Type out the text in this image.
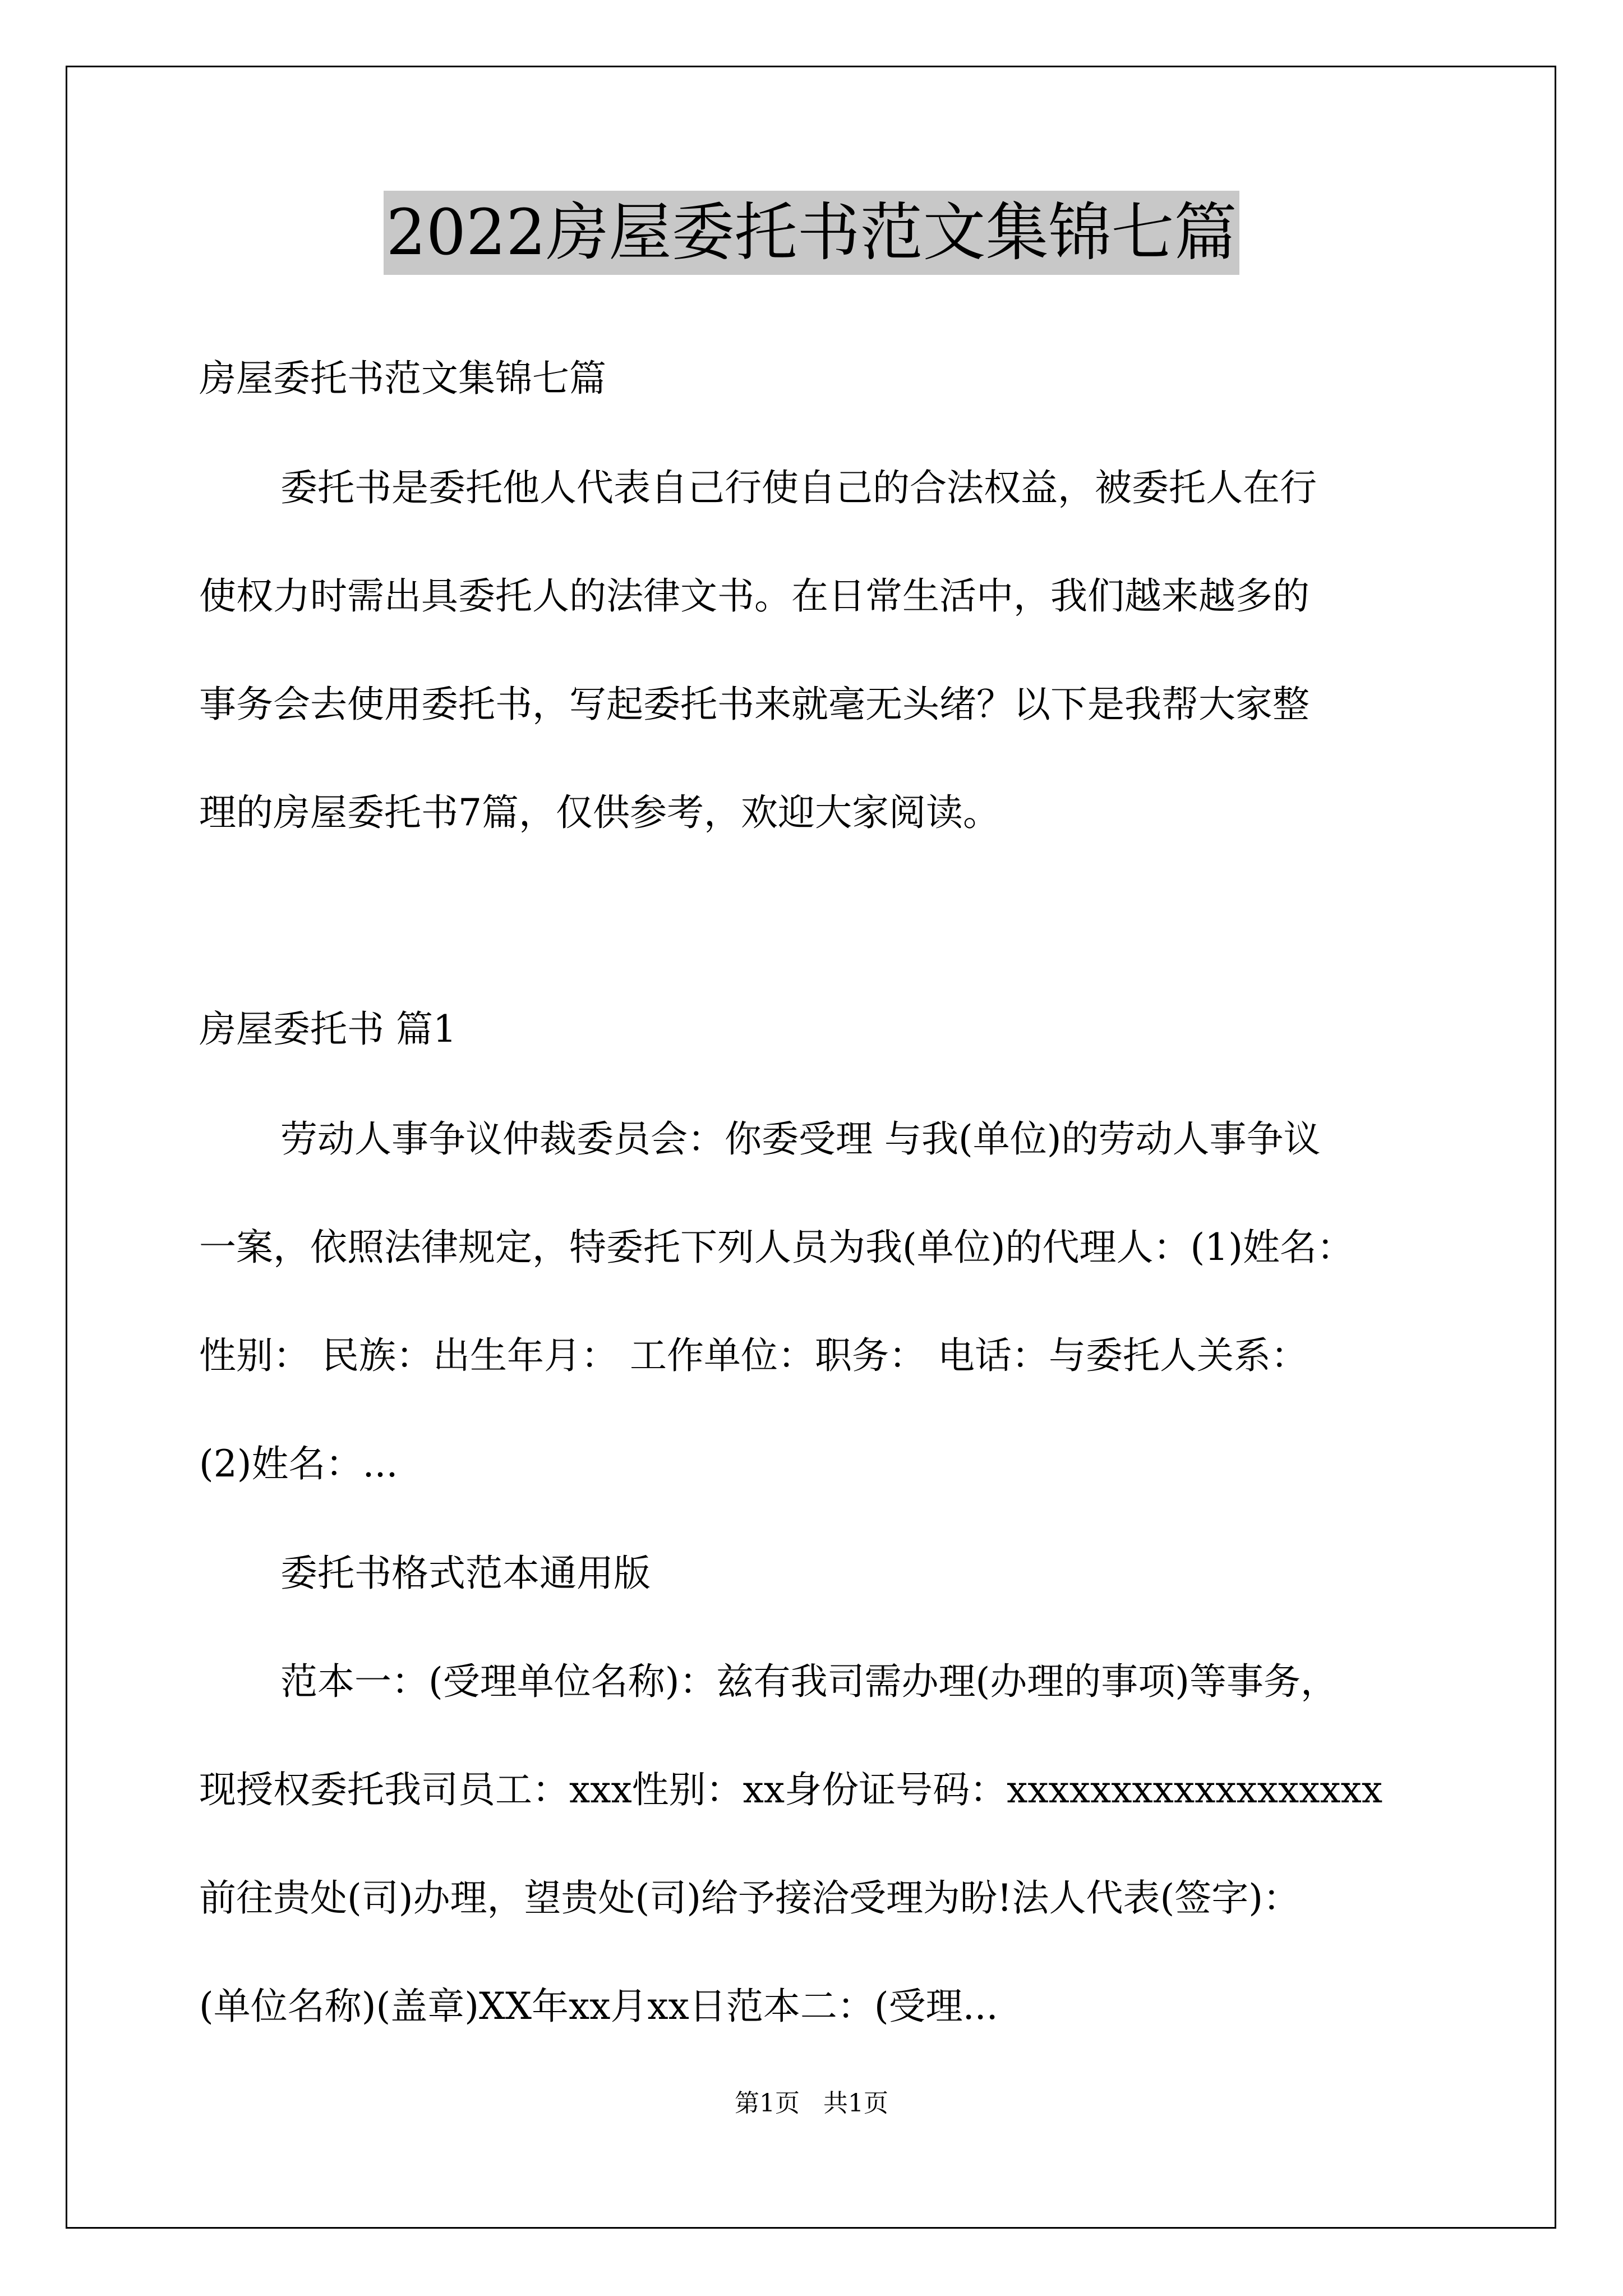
2022房屋委托书范文集锦七篇
房屋委托书范文集锦七篇
委托书是委托他人代表自己行使自己的合法权益，被委托人在行
使权力时需出具委托人的法律文书。在日常生活中，我们越来越多的
事务会去使用委托书，写起委托书来就毫无头绪？以下是我帮大家整
理的房屋委托书7篇，仅供参考，欢迎大家阅读。
房屋委托书 篇1
劳动人事争议仲裁委员会：你委受理 与我(单位)的劳动人事争议
一案，依照法律规定，特委托下列人员为我(单位)的代理人：(1)姓名：
性别： 民族：出生年月： 工作单位：职务： 电话：与委托人关系：
(2)姓名：...
委托书格式范本通用版
范本一：(受理单位名称)：兹有我司需办理(办理的事项)等事务，
现授权委托我司员工：xxx性别：xx身份证号码：xxxxxxxxxxxxxxxxxx
前往贵处(司)办理，望贵处(司)给予接洽受理为盼!法人代表(签字)：
(单位名称)(盖章)XX年xx月xx日范本二：(受理...
第1页   共1页
